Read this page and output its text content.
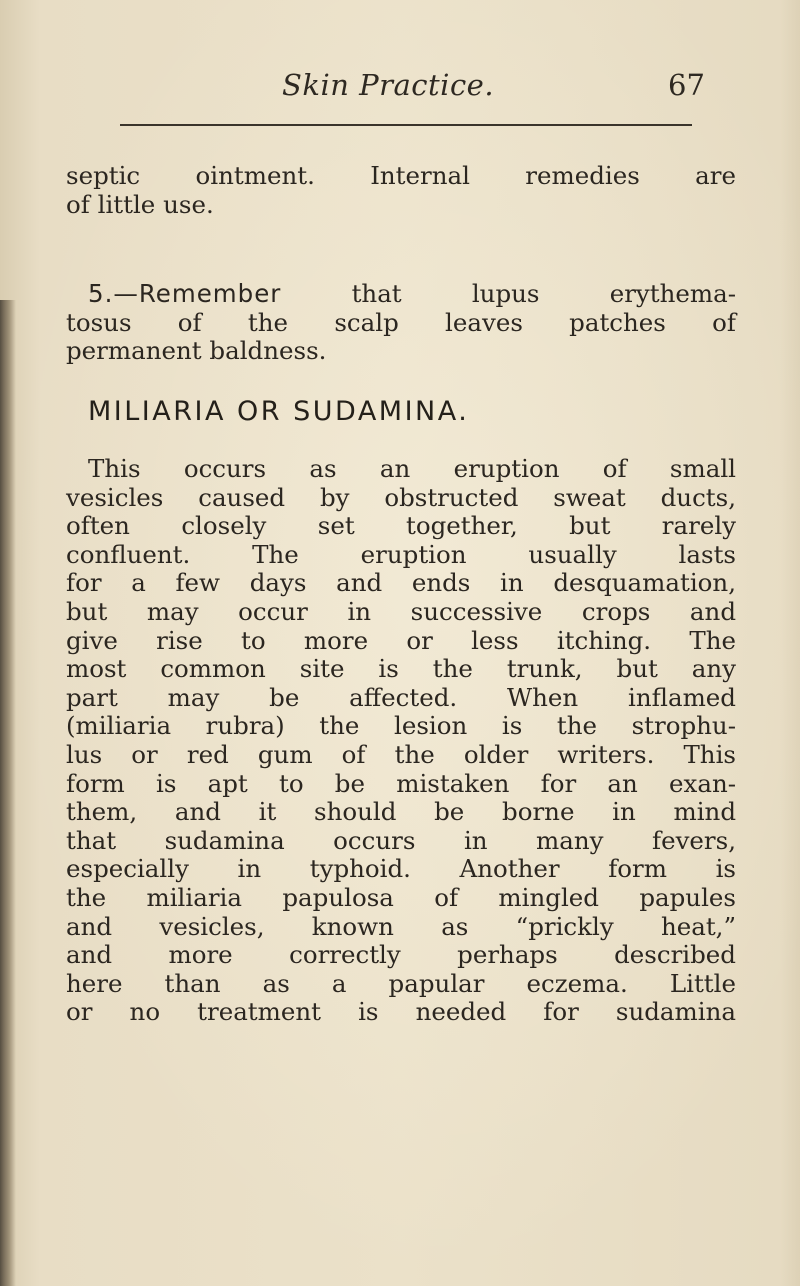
Skin Practice.	67
septic ointment. Internal remedies are
of little use.
5.—Remember that lupus erythema-
tosus of the scalp leaves patches of
permanent baldness.
MILIARIA OR SUDAMINA.
This occurs as an eruption of small
vesicles caused by obstructed sweat ducts,
often closely set together, but rarely
confluent. The eruption usually lasts
for a few days and ends in desquamation,
but may occur in successive crops and
give rise to more or less itching. The
most common site is the trunk, but any
part may be affected. When inflamed
(miliaria rubra) the lesion is the strophu-
lus or red gum of the older writers. This
form is apt to be mistaken for an exan-
them, and it should be borne in mind
that sudamina occurs in many fevers,
especially in typhoid. Another form is
the miliaria papulosa of mingled papules
and vesicles, known as “prickly heat,”
and more correctly perhaps described
here than as a papular eczema. Little
or no treatment is needed for sudamina
